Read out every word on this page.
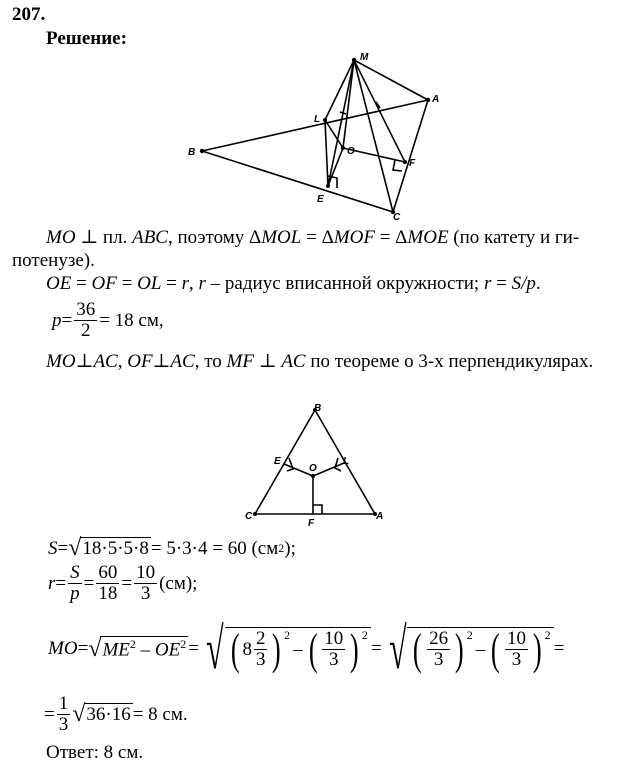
207.
Решение:
M
A
B
L
O
F
E
C
MO ⊥ пл. ABC, поэтому ΔMOL = ΔMOF = ΔMOE (по катету и ги-
потенузе).
OE = OF = OL = r, r – радиус вписанной окружности; r = S/p.
$p = \frac{36}{2} = 18$ см,
MO⊥AC, OF⊥AC, то MF ⊥ AC по теореме о 3-х перпендикулярах.
B
E
O
L
C
F
A
S = √ 18·5·5·8 = 5·3·4 = 60 (см 2 );
$r = \frac{S}{p} = \frac{60}{18} = \frac{10}{3} (см)$;
MO = √ $ME^2 - OE^2$ = √ ( $8 \frac{2}{3} )^2$
– ( $\frac{10}{3} )^2$
= √ ( $\frac{26}{3} )^2$
– ( $\frac{10}{3} )^2$
=
= $\frac{1}{3}$ √ 36·16 = 8 см.
Ответ: 8 см.
